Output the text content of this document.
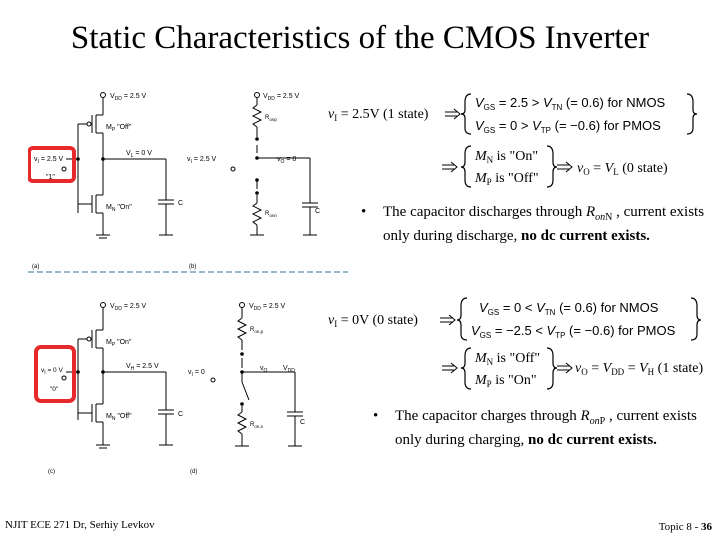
Static Characteristics of the CMOS Inverter
$V_{DD} = 2.5$ V
$M_P$ "Off"
$V_L = 0$ V
$v_I = 2.5$ V
"1"
$M_N$ "On"
C
(a)
$V_{DD} = 2.5$ V
$R_{onp}$
$v_I = 2.5$ V	$v_O = 0$
$R_{onn}$
C
(b)
$v_I = 2.5V$ (1 state)
$V_{GS} = 2.5 > V_{TN}$ (= 0.6) for NMOS
$V_{GS} = 0 > V_{TP}$ (= −0.6) for PMOS
$M_N$ is "On"
$M_P$ is "Off"
$v_O = V_L$ (0 state)
• The capacitor discharges through $R_{onN}$ , current exists only during discharge, no dc current exists.
$V_{DD} = 2.5$ V
$M_P$ "On"
$V_H = 2.5$ V
$v_I = 0$ V
"0"
$M_N$ "Off"	C
(c)
$V_{DD} = 2.5$ V
$R_{on,p}$
$v_I = 0$
$v_O$ $V_{DD}$
$R_{on,n}$
C
(d)
$v_I = 0V$ (0 state)
$V_{GS} = 0 < V_{TN}$ (= 0.6) for NMOS
$V_{GS} = -2.5 < V_{TP}$ (= −0.6) for PMOS
$M_N$ is "Off"
$M_P$ is "On"
$v_O = V_{DD} = V_H$ (1 state)
• The capacitor charges through $R_{onP}$ , current exists only during charging, no dc current exists.
NJIT ECE 271 Dr, Serhiy Levkov	Topic 8 - 36
